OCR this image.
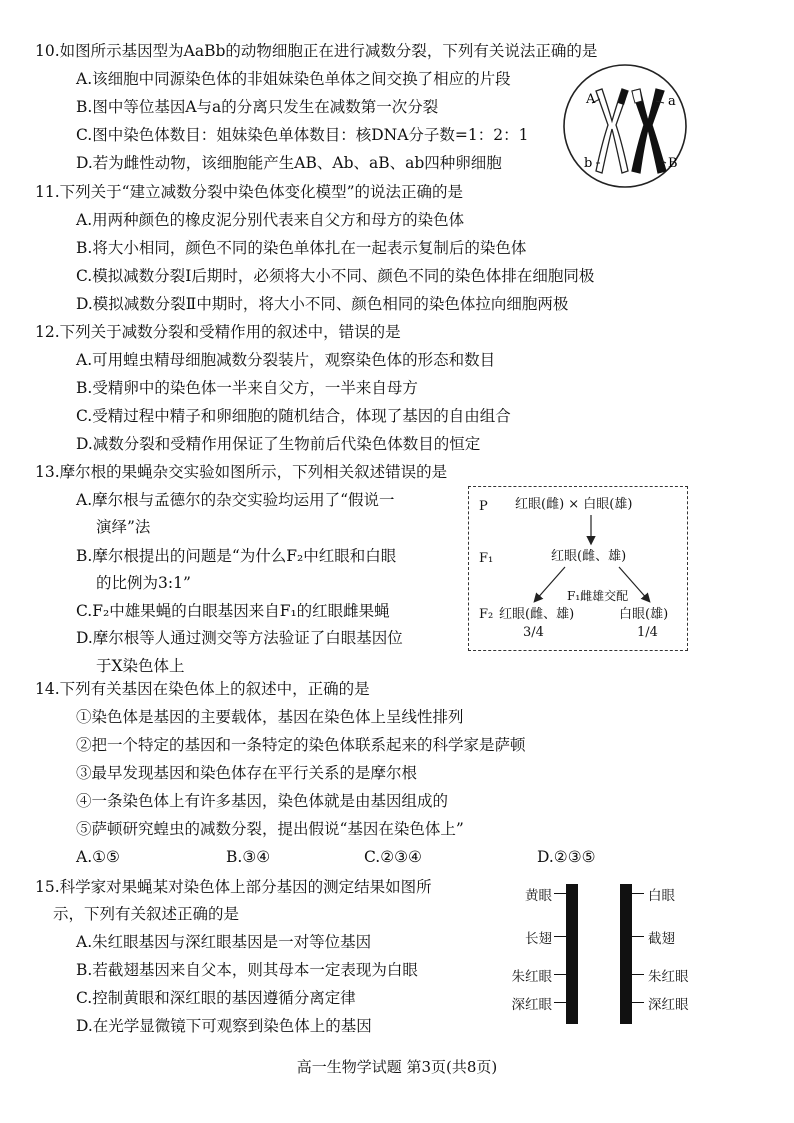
10.如图所示基因型为AaBb的动物细胞正在进行减数分裂，下列有关说法正确的是
A.该细胞中同源染色体的非姐妹染色单体之间交换了相应的片段
B.图中等位基因A与a的分离只发生在减数第一次分裂
C.图中染色体数目：姐妹染色单体数目：核DNA分子数=1：2：1
D.若为雌性动物，该细胞能产生AB、Ab、aB、ab四种卵细胞
A	a
b	B
11.下列关于“建立减数分裂中染色体变化模型”的说法正确的是
A.用两种颜色的橡皮泥分别代表来自父方和母方的染色体
B.将大小相同，颜色不同的染色单体扎在一起表示复制后的染色体
C.模拟减数分裂Ⅰ后期时，必须将大小不同、颜色不同的染色体排在细胞同极
D.模拟减数分裂Ⅱ中期时，将大小不同、颜色相同的染色体拉向细胞两极
12.下列关于减数分裂和受精作用的叙述中，错误的是
A.可用蝗虫精母细胞减数分裂装片，观察染色体的形态和数目
B.受精卵中的染色体一半来自父方，一半来自母方
C.受精过程中精子和卵细胞的随机结合，体现了基因的自由组合
D.减数分裂和受精作用保证了生物前后代染色体数目的恒定
13.摩尔根的果蝇杂交实验如图所示，下列相关叙述错误的是
A.摩尔根与孟德尔的杂交实验均运用了“假说一
演绎”法
B.摩尔根提出的问题是“为什么F₂中红眼和白眼
的比例为3:1”
C.F₂中雄果蝇的白眼基因来自F₁的红眼雌果蝇
D.摩尔根等人通过测交等方法验证了白眼基因位
于X染色体上
P 红眼(雌) × 白眼(雄)
F₁	红眼(雌、雄)
F₁雌雄交配
F₂ 红眼(雌、雄)
3/4
白眼(雄)
1/4
14.下列有关基因在染色体上的叙述中，正确的是
①染色体是基因的主要载体，基因在染色体上呈线性排列
②把一个特定的基因和一条特定的染色体联系起来的科学家是萨顿
③最早发现基因和染色体存在平行关系的是摩尔根
④一条染色体上有许多基因，染色体就是由基因组成的
⑤萨顿研究蝗虫的减数分裂，提出假说“基因在染色体上”
A.①⑤	B.③④	C.②③④	D.②③⑤
15.科学家对果蝇某对染色体上部分基因的测定结果如图所
示，下列有关叙述正确的是
A.朱红眼基因与深红眼基因是一对等位基因
B.若截翅基因来自父本，则其母本一定表现为白眼
C.控制黄眼和深红眼的基因遵循分离定律
D.在光学显微镜下可观察到染色体上的基因
黄眼
长翅
朱红眼
深红眼
白眼
截翅
朱红眼
深红眼
高一生物学试题 第3页(共8页)
